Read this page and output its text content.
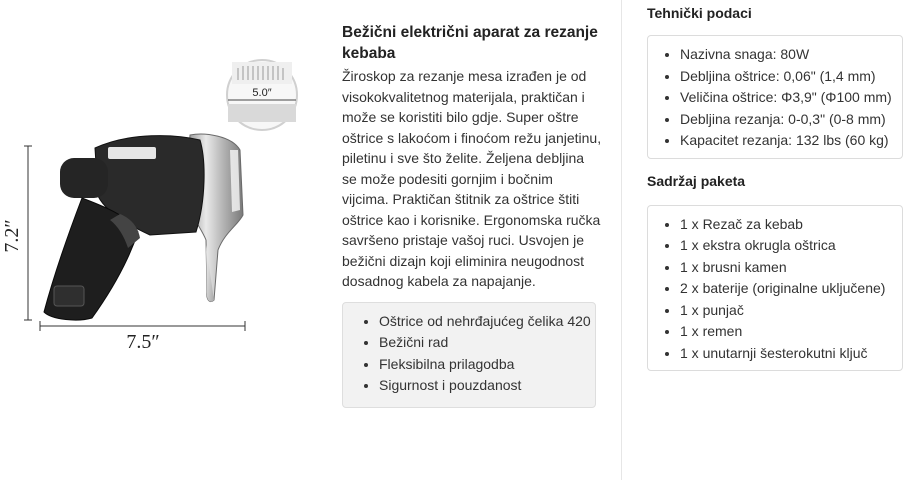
7.2″
7.5″
5.0″
Bežični električni aparat za rezanje kebaba

Žiroskop za rezanje mesa izrađen je od visokokvalitetnog materijala, praktičan i može se koristiti bilo gdje. Super oštre oštrice s lakoćom i finoćom režu janjetinu, piletinu i sve što želite. Željena debljina se može podesiti gornjim i bočnim vijcima. Praktičan štitnik za oštrice štiti oštrice kao i korisnike. Ergonomska ručka savršeno pristaje vašoj ruci. Usvojen je bežični dizajn koji eliminira neugodnost dosadnog kabela za napajanje.

• Oštrice od nehrđajućeg čelika 420
• Bežični rad
• Fleksibilna prilagodba
• Sigurnost i pouzdanost
Tehnički podaci
• Nazivna snaga: 80W
• Debljina oštrice: 0,06" (1,4 mm)
• Veličina oštrice: Φ3,9" (Φ100 mm)
• Debljina rezanja: 0-0,3" (0-8 mm)
• Kapacitet rezanja: 132 lbs (60 kg)
Sadržaj paketa
• 1 x Rezač za kebab
• 1 x ekstra okrugla oštrica
• 1 x brusni kamen
• 2 x baterije (originalne uključene)
• 1 x punjač
• 1 x remen
• 1 x unutarnji šesterokutni ključ
